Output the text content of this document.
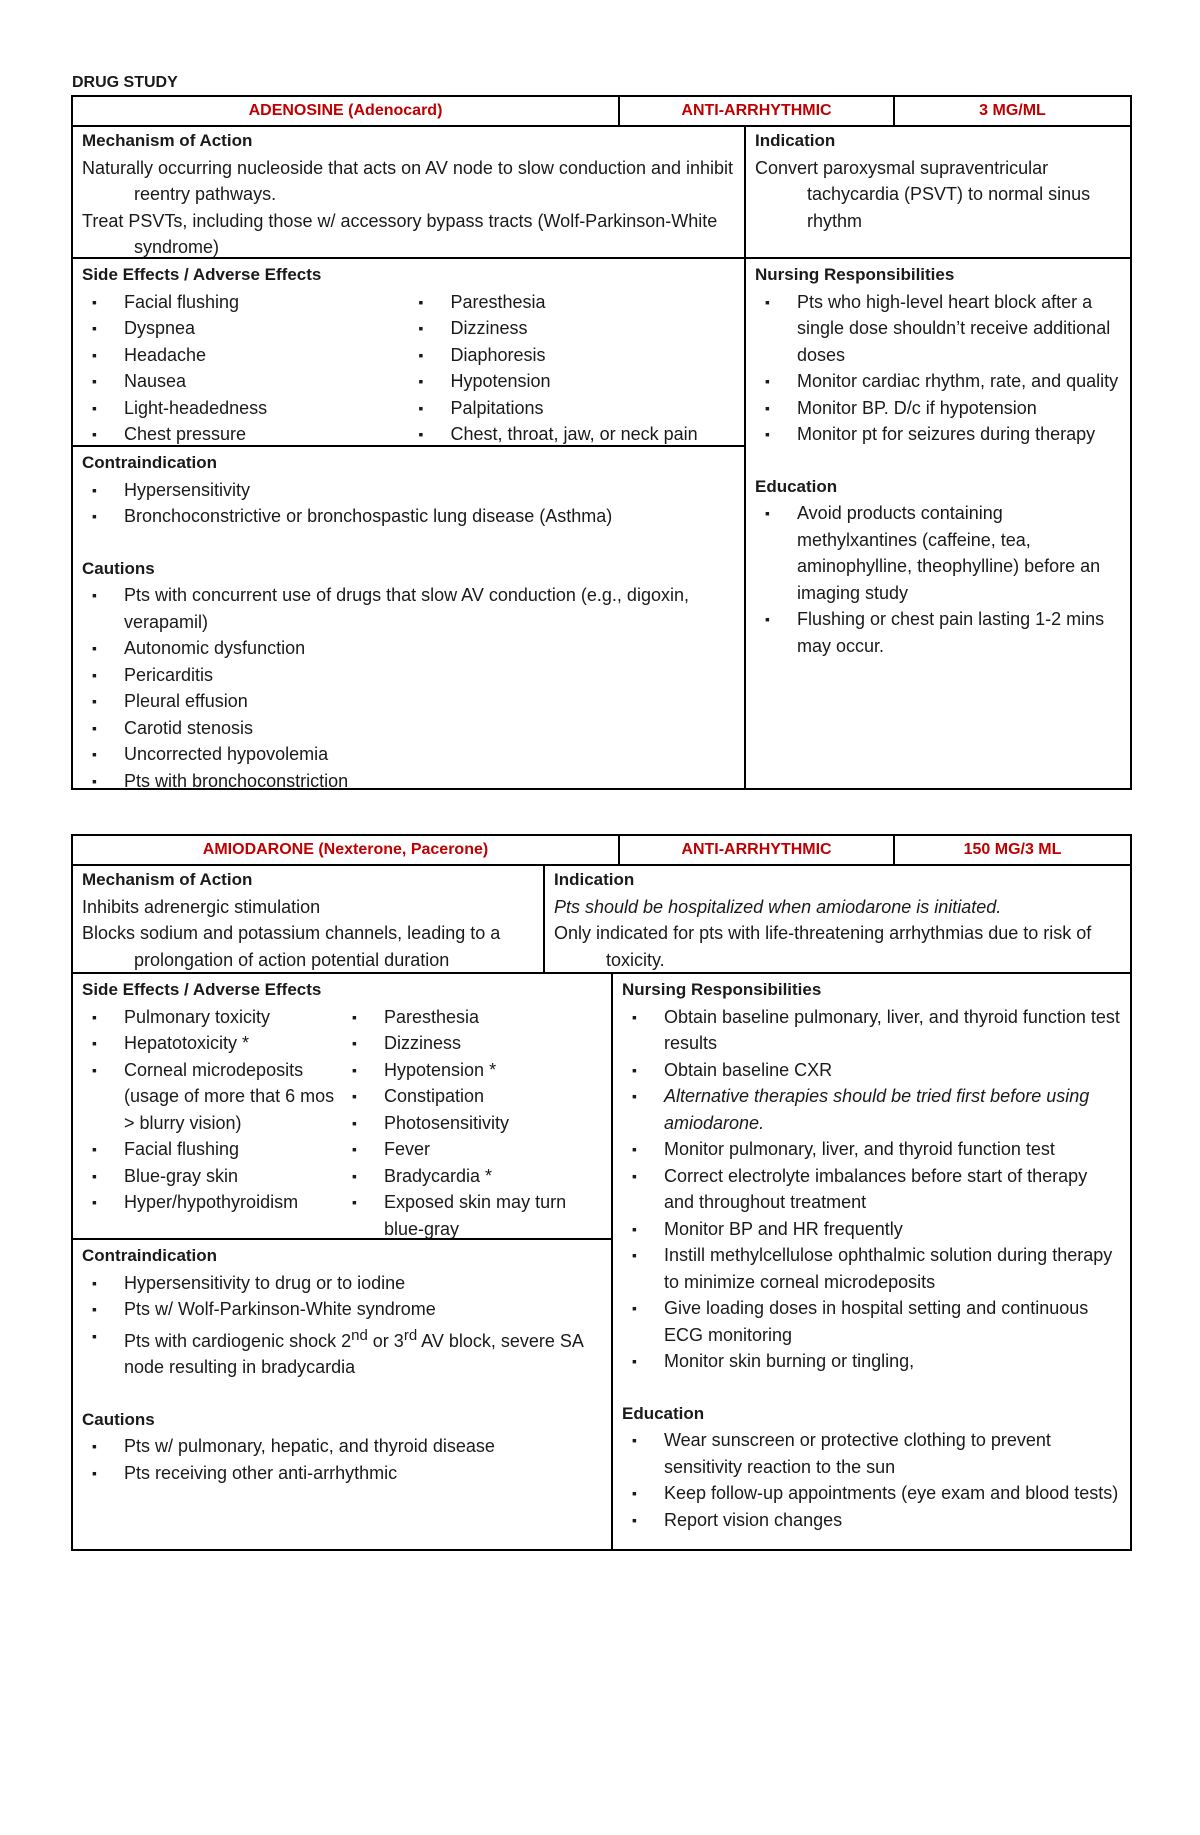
DRUG STUDY
ADENOSINE (Adenocard)	ANTI-ARRHYTHMIC	3 MG/ML
Mechanism of Action
Naturally occurring nucleoside that acts on AV node to slow conduction and inhibit reentry pathways.
Treat PSVTs, including those w/ accessory bypass tracts (Wolf-Parkinson-White syndrome)
Indication
Convert paroxysmal supraventricular tachycardia (PSVT) to normal sinus rhythm
Side Effects / Adverse Effects
▪ Facial flushing
▪ Dyspnea
▪ Headache
▪ Nausea
▪ Light-headedness
▪ Chest pressure
▪ Paresthesia
▪ Dizziness
▪ Diaphoresis
▪ Hypotension
▪ Palpitations
▪ Chest, throat, jaw, or neck pain
Nursing Responsibilities
▪ Pts who high-level heart block after a single dose shouldn’t receive additional doses
▪ Monitor cardiac rhythm, rate, and quality
▪ Monitor BP. D/c if hypotension
▪ Monitor pt for seizures during therapy
Education
▪ Avoid products containing methylxantines (caffeine, tea, aminophylline, theophylline) before an imaging study
▪ Flushing or chest pain lasting 1-2 mins may occur.
Contraindication
▪ Hypersensitivity
▪ Bronchoconstrictive or bronchospastic lung disease (Asthma)
Cautions
▪ Pts with concurrent use of drugs that slow AV conduction (e.g., digoxin, verapamil)
▪ Autonomic dysfunction
▪ Pericarditis
▪ Pleural effusion
▪ Carotid stenosis
▪ Uncorrected hypovolemia
▪ Pts with bronchoconstriction
AMIODARONE (Nexterone, Pacerone)	ANTI-ARRHYTHMIC	150 MG/3 ML
Mechanism of Action
Inhibits adrenergic stimulation
Blocks sodium and potassium channels, leading to a prolongation of action potential duration
Indication
Pts should be hospitalized when amiodarone is initiated.
Only indicated for pts with life-threatening arrhythmias due to risk of toxicity.
Side Effects / Adverse Effects
▪ Pulmonary toxicity
▪ Hepatotoxicity *
▪ Corneal microdeposits (usage of more that 6 mos > blurry vision)
▪ Facial flushing
▪ Blue-gray skin
▪ Hyper/hypothyroidism
▪ Paresthesia
▪ Dizziness
▪ Hypotension *
▪ Constipation
▪ Photosensitivity
▪ Fever
▪ Bradycardia *
▪ Exposed skin may turn blue-gray
Nursing Responsibilities
▪ Obtain baseline pulmonary, liver, and thyroid function test results
▪ Obtain baseline CXR
▪ Alternative therapies should be tried first before using amiodarone.
▪ Monitor pulmonary, liver, and thyroid function test
▪ Correct electrolyte imbalances before start of therapy and throughout treatment
▪ Monitor BP and HR frequently
▪ Instill methylcellulose ophthalmic solution during therapy to minimize corneal microdeposits
▪ Give loading doses in hospital setting and continuous ECG monitoring
▪ Monitor skin burning or tingling,
Education
▪ Wear sunscreen or protective clothing to prevent sensitivity reaction to the sun
▪ Keep follow-up appointments (eye exam and blood tests)
▪ Report vision changes
Contraindication
▪ Hypersensitivity to drug or to iodine
▪ Pts w/ Wolf-Parkinson-White syndrome
▪ Pts with cardiogenic shock 2nd or 3rd AV block, severe SA node resulting in bradycardia
Cautions
▪ Pts w/ pulmonary, hepatic, and thyroid disease
▪ Pts receiving other anti-arrhythmic
